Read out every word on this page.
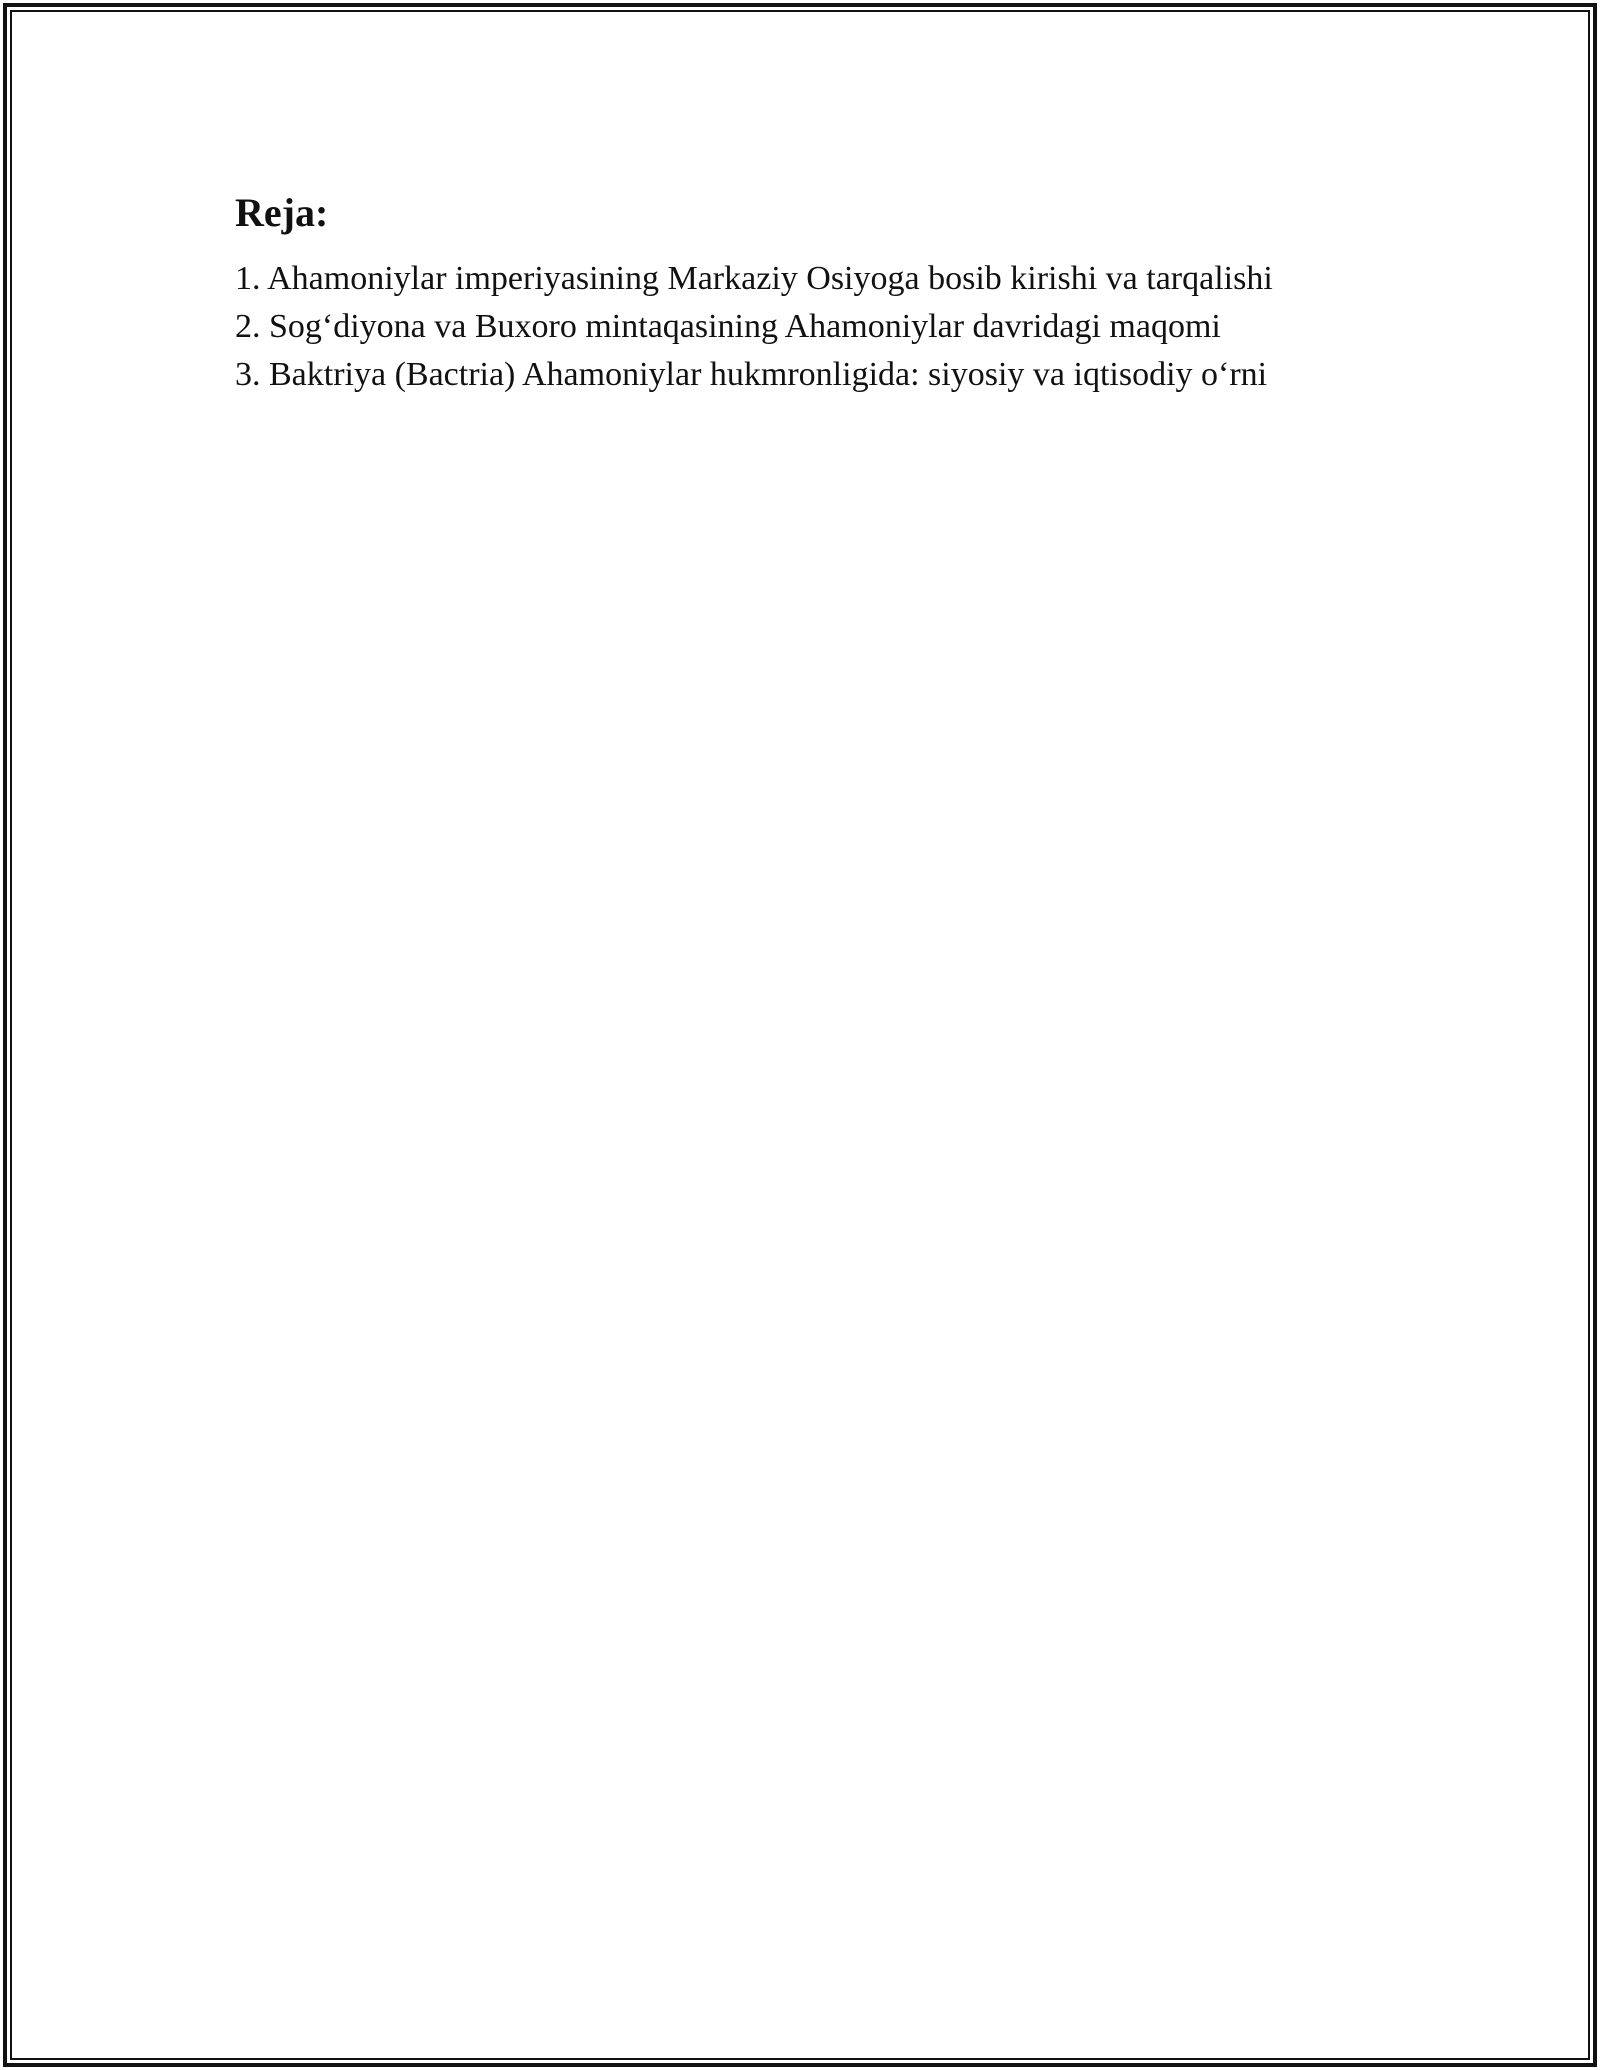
Reja:
1. Ahamoniylar imperiyasining Markaziy Osiyoga bosib kirishi va tarqalishi
2. Sog‘diyona va Buxoro mintaqasining Ahamoniylar davridagi maqomi
3. Baktriya (Bactria) Ahamoniylar hukmronligida: siyosiy va iqtisodiy o‘rni
